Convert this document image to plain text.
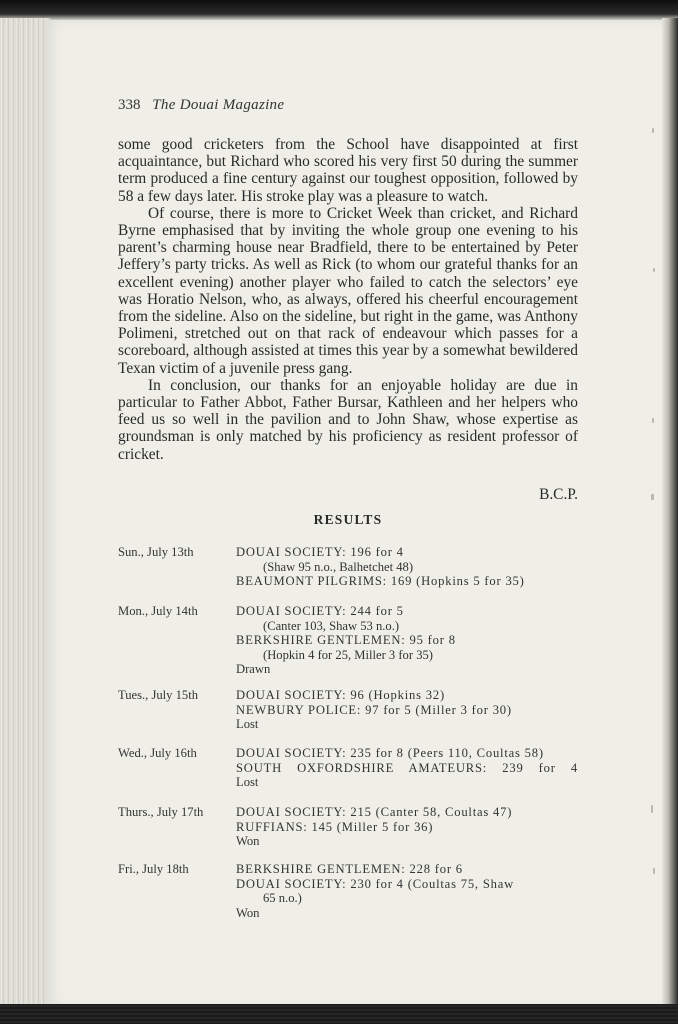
338 The Douai Magazine

some good cricketers from the School have disappointed at first acquaintance, but Richard who scored his very first 50 during the summer term produced a fine century against our toughest opposition, followed by 58 a few days later. His stroke play was a pleasure to watch.

Of course, there is more to Cricket Week than cricket, and Richard Byrne emphasised that by inviting the whole group one evening to his parent’s charming house near Bradfield, there to be entertained by Peter Jeffery’s party tricks. As well as Rick (to whom our grateful thanks for an excellent evening) another player who failed to catch the selectors’ eye was Horatio Nelson, who, as always, offered his cheerful encouragement from the sideline. Also on the sideline, but right in the game, was Anthony Polimeni, stretched out on that rack of endeavour which passes for a scoreboard, although assisted at times this year by a somewhat bewildered Texan victim of a juvenile press gang.

In conclusion, our thanks for an enjoyable holiday are due in particular to Father Abbot, Father Bursar, Kathleen and her helpers who feed us so well in the pavilion and to John Shaw, whose expertise as groundsman is only matched by his proficiency as resident professor of cricket.

B.C.P.
RESULTS
Sun., July 13th	DOUAI SOCIETY: 196 for 4
(Shaw 95 n.o., Balhetchet 48)
BEAUMONT PILGRIMS: 169 (Hopkins 5 for 35)
Mon., July 14th	DOUAI SOCIETY: 244 for 5
(Canter 103, Shaw 53 n.o.)
BERKSHIRE GENTLEMEN: 95 for 8
(Hopkin 4 for 25, Miller 3 for 35)
Drawn
Tues., July 15th	DOUAI SOCIETY: 96 (Hopkins 32)
NEWBURY POLICE: 97 for 5 (Miller 3 for 30)
Lost
Wed., July 16th	DOUAI SOCIETY: 235 for 8 (Peers 110, Coultas 58)
SOUTH OXFORDSHIRE AMATEURS: 239 for 4
Lost
Thurs., July 17th	DOUAI SOCIETY: 215 (Canter 58, Coultas 47)
RUFFIANS: 145 (Miller 5 for 36)
Won
Fri., July 18th	BERKSHIRE GENTLEMEN: 228 for 6
DOUAI SOCIETY: 230 for 4 (Coultas 75, Shaw
65 n.o.)
Won
